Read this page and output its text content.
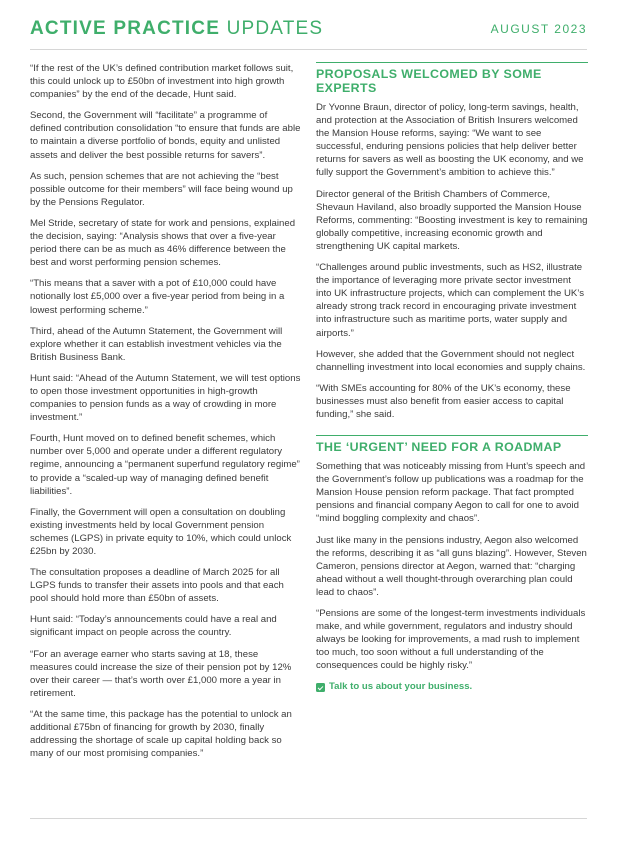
ACTIVE PRACTICE UPDATES	AUGUST 2023

“If the rest of the UK’s defined contribution market follows suit, this could unlock up to £50bn of investment into high growth companies” by the end of the decade, Hunt said.

Second, the Government will “facilitate” a programme of defined contribution consolidation “to ensure that funds are able to maintain a diverse portfolio of bonds, equity and unlisted assets and deliver the best possible returns for savers”.

As such, pension schemes that are not achieving the “best possible outcome for their members” will face being wound up by the Pensions Regulator.

Mel Stride, secretary of state for work and pensions, explained the decision, saying: “Analysis shows that over a five-year period there can be as much as 46% difference between the best and worst performing pension schemes.

“This means that a saver with a pot of £10,000 could have notionally lost £5,000 over a five-year period from being in a lowest performing scheme.”

Third, ahead of the Autumn Statement, the Government will explore whether it can establish investment vehicles via the British Business Bank.

Hunt said: “Ahead of the Autumn Statement, we will test options to open those investment opportunities in high-growth companies to pension funds as a way of crowding in more investment.”

Fourth, Hunt moved on to defined benefit schemes, which number over 5,000 and operate under a different regulatory regime, announcing a “permanent superfund regulatory regime” to provide a “scaled-up way of managing defined benefit liabilities”.

Finally, the Government will open a consultation on doubling existing investments held by local Government pension schemes (LGPS) in private equity to 10%, which could unlock £25bn by 2030.

The consultation proposes a deadline of March 2025 for all LGPS funds to transfer their assets into pools and that each pool should hold more than £50bn of assets.

Hunt said: “Today’s announcements could have a real and significant impact on people across the country.

“For an average earner who starts saving at 18, these measures could increase the size of their pension pot by 12% over their career — that’s worth over £1,000 more a year in retirement.

“At the same time, this package has the potential to unlock an additional £75bn of financing for growth by 2030, finally addressing the shortage of scale up capital holding back so many of our most promising companies.”

PROPOSALS WELCOMED BY SOME EXPERTS

Dr Yvonne Braun, director of policy, long-term savings, health, and protection at the Association of British Insurers welcomed the Mansion House reforms, saying: “We want to see successful, enduring pensions policies that help deliver better returns for savers as well as boosting the UK economy, and we fully support the Government’s ambition to achieve this.”

Director general of the British Chambers of Commerce, Shevaun Haviland, also broadly supported the Mansion House Reforms, commenting: “Boosting investment is key to remaining globally competitive, increasing economic growth and strengthening UK capital markets.

“Challenges around public investments, such as HS2, illustrate the importance of leveraging more private sector investment into UK infrastructure projects, which can complement the UK’s already strong track record in encouraging private investment into infrastructure such as maritime ports, water supply and airports.”

However, she added that the Government should not neglect channelling investment into local economies and supply chains.

“With SMEs accounting for 80% of the UK’s economy, these businesses must also benefit from easier access to capital funding,” she said.

THE ‘URGENT’ NEED FOR A ROADMAP

Something that was noticeably missing from Hunt’s speech and the Government’s follow up publications was a roadmap for the Mansion House pension reform package. That fact prompted pensions and financial company Aegon to call for one to avoid “mind boggling complexity and chaos”.

Just like many in the pensions industry, Aegon also welcomed the reforms, describing it as “all guns blazing”. However, Steven Cameron, pensions director at Aegon, warned that: “charging ahead without a well thought-through overarching plan could lead to chaos”.

“Pensions are some of the longest-term investments individuals make, and while government, regulators and industry should always be looking for improvements, a mad rush to implement too much, too soon without a full understanding of the consequences could be highly risky.”

Talk to us about your business.
